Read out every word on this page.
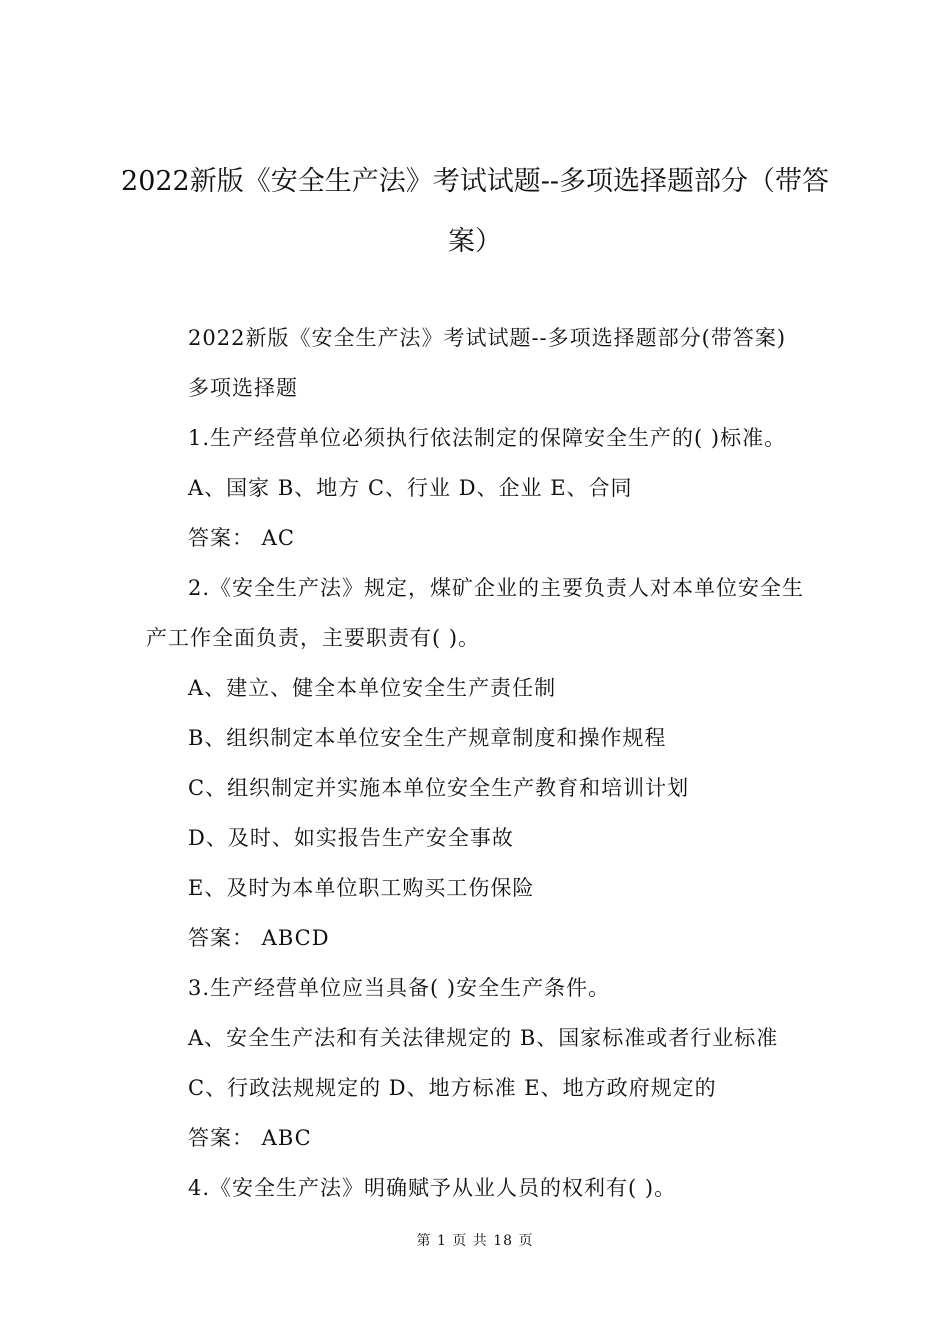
2022新版《安全生产法》考试试题--多项选择题部分（带答
案）
2022新版《安全生产法》考试试题--多项选择题部分(带答案)
多项选择题
1.生产经营单位必须执行依法制定的保障安全生产的( )标准。
A、国家 B、地方 C、行业 D、企业 E、合同
答案： AC
2.《安全生产法》规定，煤矿企业的主要负责人对本单位安全生
产工作全面负责，主要职责有( )。
A、建立、健全本单位安全生产责任制
B、组织制定本单位安全生产规章制度和操作规程
C、组织制定并实施本单位安全生产教育和培训计划
D、及时、如实报告生产安全事故
E、及时为本单位职工购买工伤保险
答案： ABCD
3.生产经营单位应当具备( )安全生产条件。
A、安全生产法和有关法律规定的 B、国家标准或者行业标准
C、行政法规规定的 D、地方标准 E、地方政府规定的
答案： ABC
4.《安全生产法》明确赋予从业人员的权利有( )。
第 1 页 共 18 页
